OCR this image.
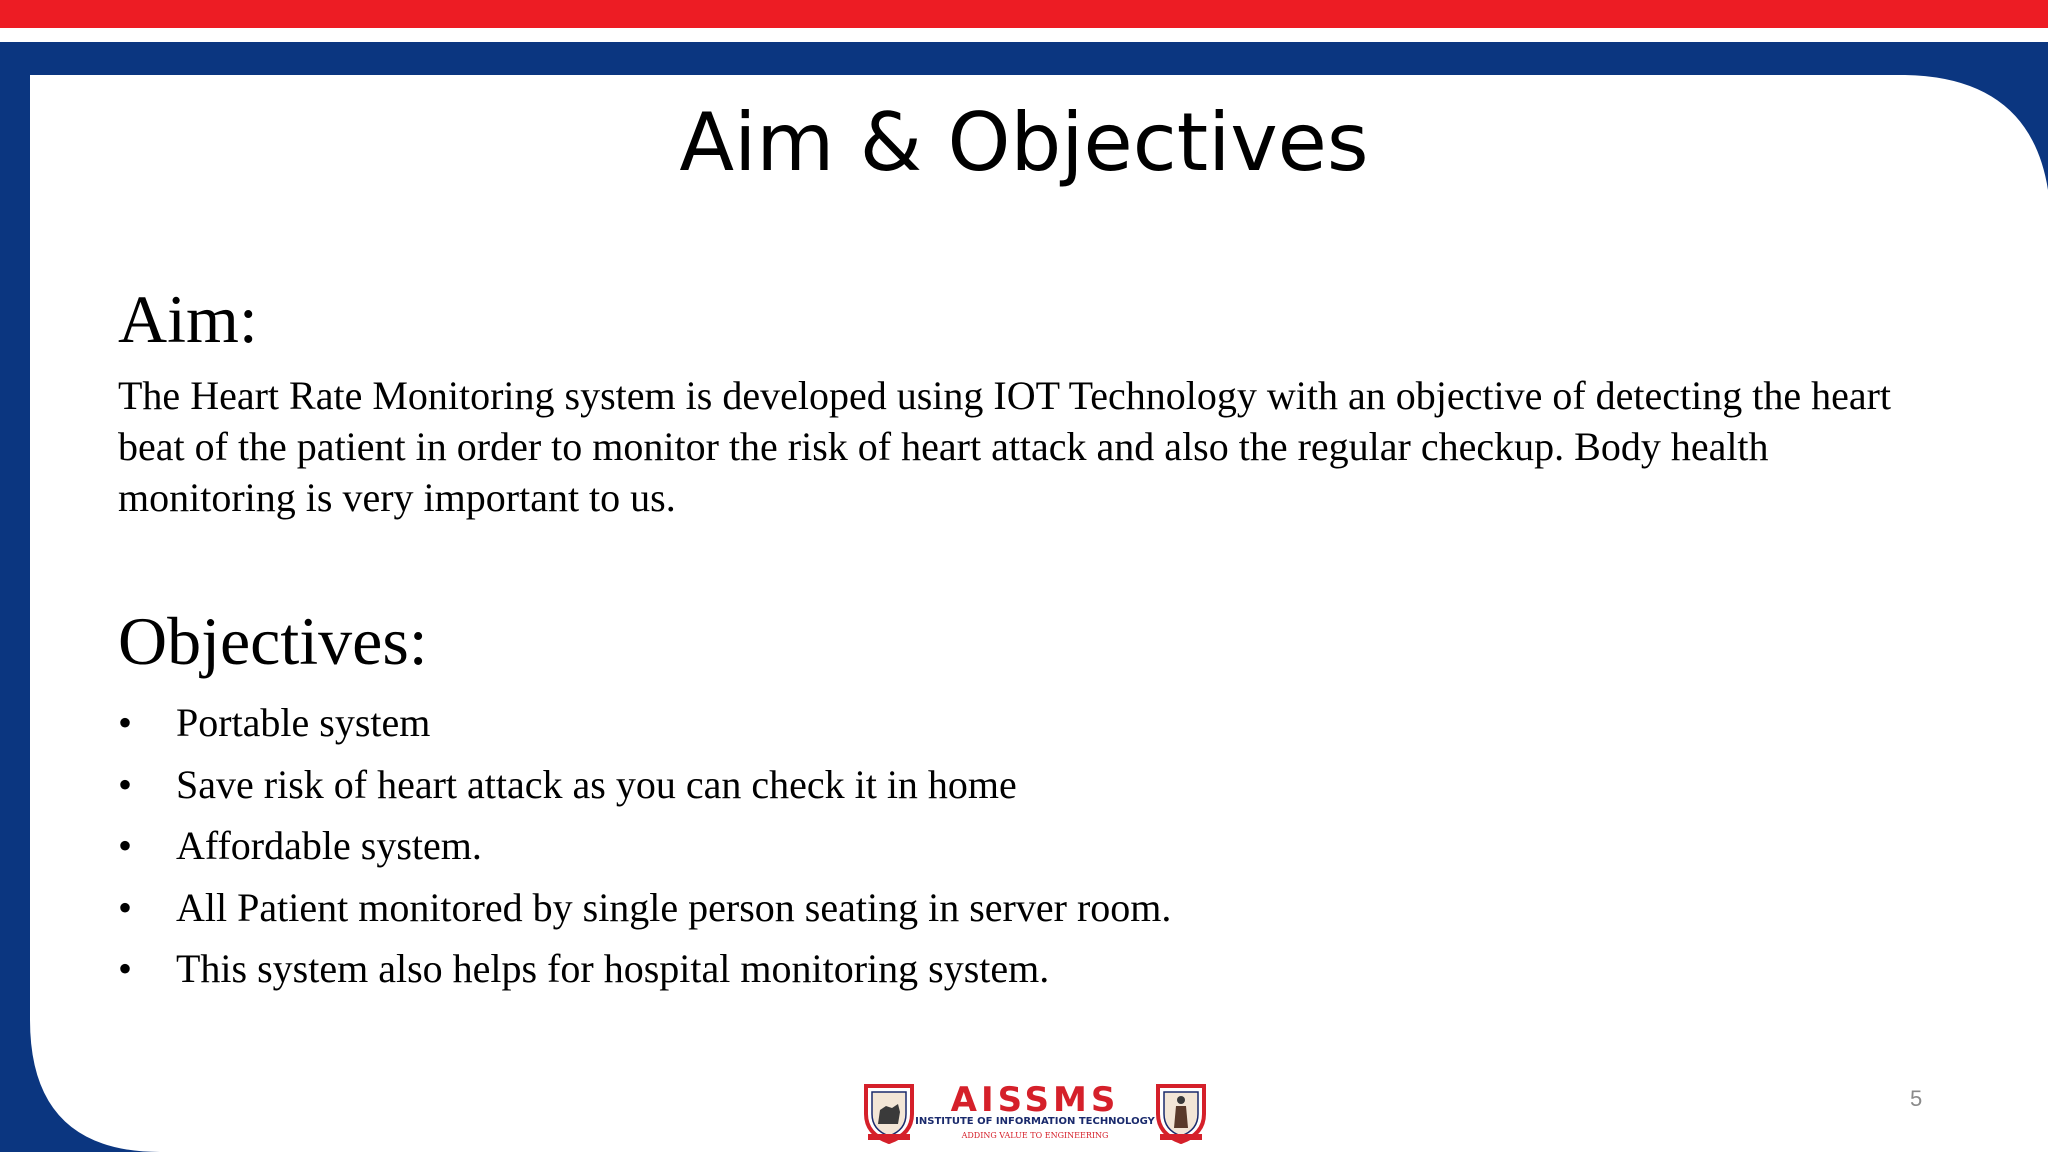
Aim & Objectives
Aim:

The Heart Rate Monitoring system is developed using IOT Technology with an objective of detecting the heart beat of the patient in order to monitor the risk of heart attack and also the regular checkup. Body health monitoring is very important to us.

Objectives:
• Portable system
• Save risk of heart attack as you can check it in home
• Affordable system.
• All Patient monitored by single person seating in server room.
• This system also helps for hospital monitoring system.
AISSMS
INSTITUTE OF INFORMATION TECHNOLOGY
ADDING VALUE TO ENGINEERING
5
